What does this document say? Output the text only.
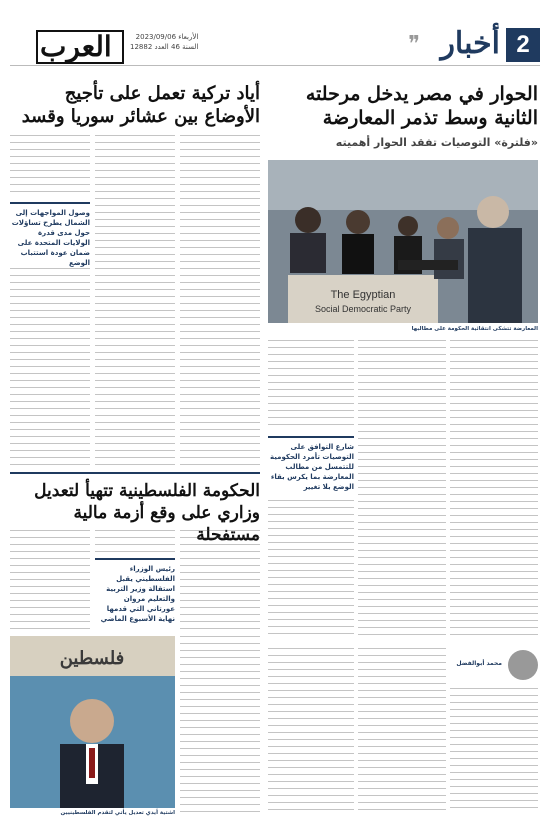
2
أخبار
❞
العرب	الأربعاء 2023/09/06
السنة 46 العدد 12882
الحوار في مصر يدخل مرحلته
الثانية وسط تذمر المعارضة
«فلترة» التوصيات تفقد الحوار أهميته
The Egyptian
Social Democratic Party
المعارضة تتشكى انتقائية الحكومة على مطالبها
شارع التوافق على التوصيات تأمرد الحكومية للتتمسل من مطالب المعارضة بما يكرس بقاء الوضع بلا تغيير
محمد أبوالفضل
أياد تركية تعمل على تأجيج
الأوضاع بين عشائر سوريا وقسد
وصول المواجهات إلى الشمال يطرح تساؤلات حول مدى قدرة الولايات المتحدة على ضمان عودة استتباب الوضع
الحكومة الفلسطينية تتهيأ لتعديل
وزاري على وقع أزمة مالية مستفحلة
رئيس الوزراء الفلسطيني يقبل استقالة وزير التربية والتعليم مروان عورتاني التي قدمها نهاية الأسبوع الماضي
فلسطين
اشتية أيدي تعديل يأتي لتقدم الفلسطينيين
